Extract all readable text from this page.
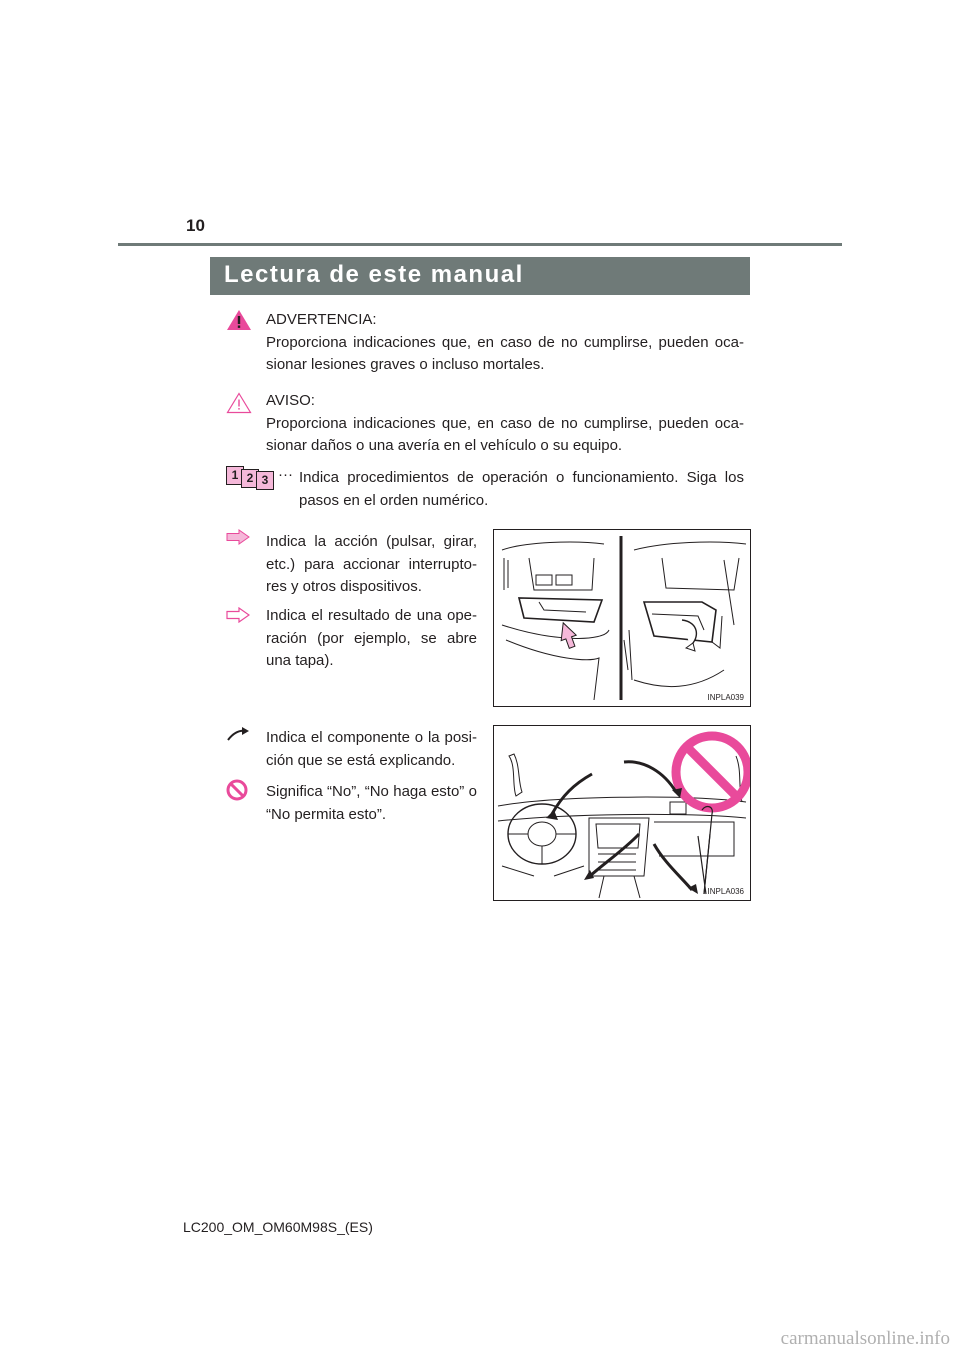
10
Lectura de este manual
ADVERTENCIA:
Proporciona indicaciones que, en caso de no cumplirse, pueden oca-
sionar lesiones graves o incluso mortales.
AVISO:
Proporciona indicaciones que, en caso de no cumplirse, pueden oca-
sionar daños o una avería en el vehículo o su equipo.
1 2 3 ··· Indica procedimientos de operación o funcionamiento. Siga los
pasos en el orden numérico.
Indica la acción (pulsar, girar,
etc.) para accionar interrupto-
res y otros dispositivos.
Indica el resultado de una ope-
ración (por ejemplo, se abre
una tapa).
INPLA039
Indica el componente o la posi-
ción que se está explicando.
Significa “No”, “No haga esto” o
“No permita esto”.
INPLA036
LC200_OM_OM60M98S_(ES)
carmanualsonline.info
